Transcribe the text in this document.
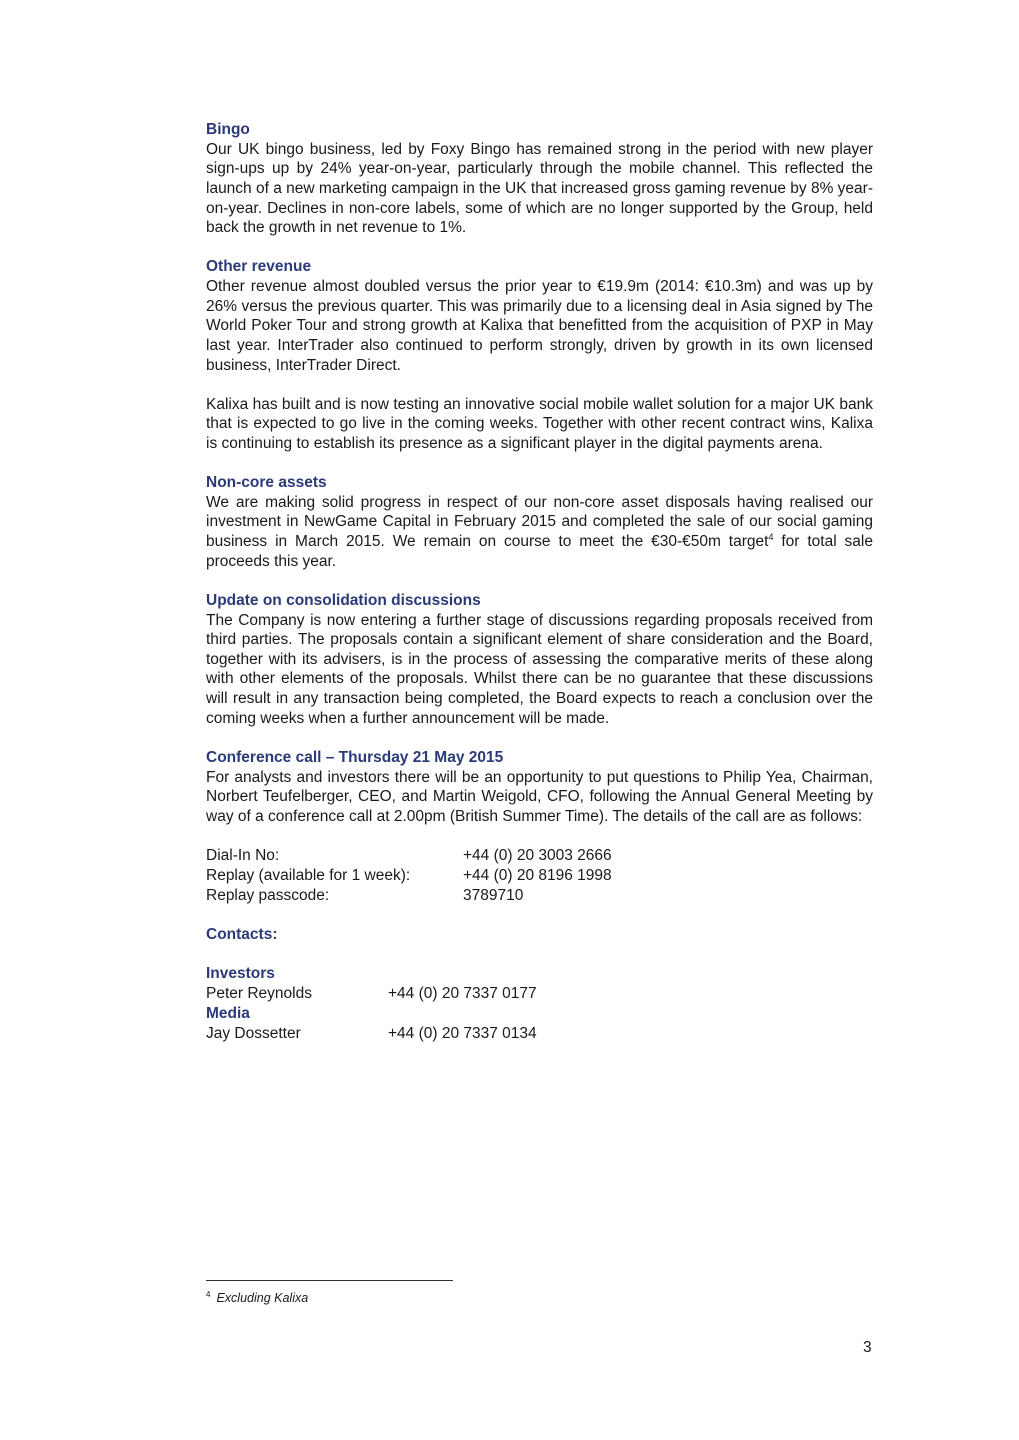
Bingo

Our UK bingo business, led by Foxy Bingo has remained strong in the period with new player sign-ups up by 24% year-on-year, particularly through the mobile channel. This reflected the launch of a new marketing campaign in the UK that increased gross gaming revenue by 8% year-on-year. Declines in non-core labels, some of which are no longer supported by the Group, held back the growth in net revenue to 1%.

Other revenue

Other revenue almost doubled versus the prior year to €19.9m (2014: €10.3m) and was up by 26% versus the previous quarter. This was primarily due to a licensing deal in Asia signed by The World Poker Tour and strong growth at Kalixa that benefitted from the acquisition of PXP in May last year. InterTrader also continued to perform strongly, driven by growth in its own licensed business, InterTrader Direct.

Kalixa has built and is now testing an innovative social mobile wallet solution for a major UK bank that is expected to go live in the coming weeks. Together with other recent contract wins, Kalixa is continuing to establish its presence as a significant player in the digital payments arena.

Non-core assets

We are making solid progress in respect of our non-core asset disposals having realised our investment in NewGame Capital in February 2015 and completed the sale of our social gaming business in March 2015. We remain on course to meet the €30-€50m target$^4$ for total sale proceeds this year.

Update on consolidation discussions

The Company is now entering a further stage of discussions regarding proposals received from third parties. The proposals contain a significant element of share consideration and the Board, together with its advisers, is in the process of assessing the comparative merits of these along with other elements of the proposals. Whilst there can be no guarantee that these discussions will result in any transaction being completed, the Board expects to reach a conclusion over the coming weeks when a further announcement will be made.

Conference call – Thursday 21 May 2015

For analysts and investors there will be an opportunity to put questions to Philip Yea, Chairman, Norbert Teufelberger, CEO, and Martin Weigold, CFO, following the Annual General Meeting by way of a conference call at 2.00pm (British Summer Time). The details of the call are as follows:

Dial-In No:	+44 (0) 20 3003 2666
Replay (available for 1 week):	+44 (0) 20 8196 1998
Replay passcode:	3789710

Contacts:

Investors

Peter Reynolds	+44 (0) 20 7337 0177

Media

Jay Dossetter	+44 (0) 20 7337 0134
$^4$ Excluding Kalixa
3
